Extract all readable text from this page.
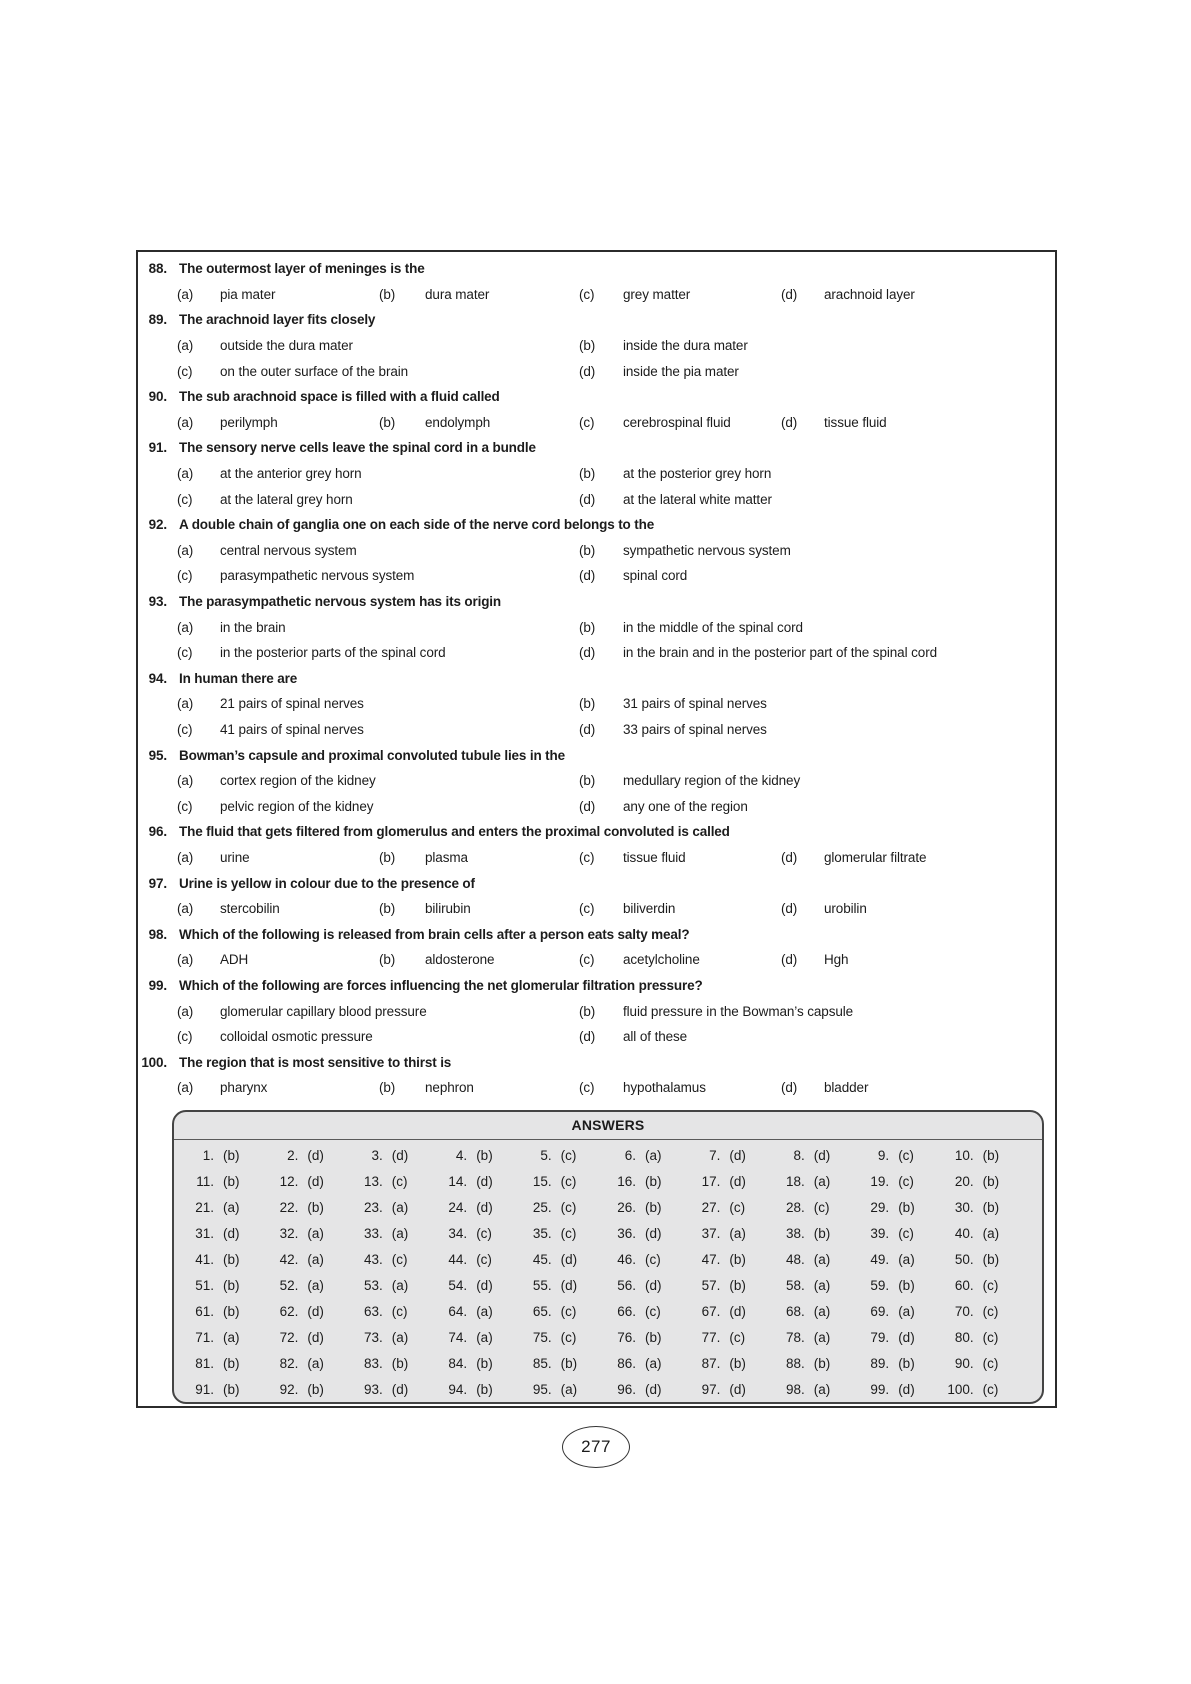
88. The outermost layer of meninges is the
(a)	pia mater	(b)	dura mater	(c)	grey matter	(d)	arachnoid layer
89. The arachnoid layer fits closely
(a)	outside the dura mater	(b)	inside the dura mater
(c)	on the outer surface of the brain	(d)	inside the pia mater
90. The sub arachnoid space is filled with a fluid called
(a)	perilymph	(b)	endolymph	(c)	cerebrospinal fluid	(d)	tissue fluid
91. The sensory nerve cells leave the spinal cord in a bundle
(a)	at the anterior grey horn	(b)	at the posterior grey horn
(c)	at the lateral grey horn	(d)	at the lateral white matter
92. A double chain of ganglia one on each side of the nerve cord belongs to the
(a)	central nervous system	(b)	sympathetic nervous system
(c)	parasympathetic nervous system	(d)	spinal cord
93. The parasympathetic nervous system has its origin
(a)	in the brain	(b)	in the middle of the spinal cord
(c)	in the posterior parts of the spinal cord	(d)	in the brain and in the posterior part of the spinal cord
94. In human there are
(a)	21 pairs of spinal nerves	(b)	31 pairs of spinal nerves
(c)	41 pairs of spinal nerves	(d)	33 pairs of spinal nerves
95. Bowman’s capsule and proximal convoluted tubule lies in the
(a)	cortex region of the kidney	(b)	medullary region of the kidney
(c)	pelvic region of the kidney	(d)	any one of the region
96. The fluid that gets filtered from glomerulus and enters the proximal convoluted is called
(a)	urine	(b)	plasma	(c)	tissue fluid	(d)	glomerular filtrate
97. Urine is yellow in colour due to the presence of
(a)	stercobilin	(b)	bilirubin	(c)	biliverdin	(d)	urobilin
98. Which of the following is released from brain cells after a person eats salty meal?
(a)	ADH	(b)	aldosterone	(c)	acetylcholine	(d)	Hgh
99. Which of the following are forces influencing the net glomerular filtration pressure?
(a)	glomerular capillary blood pressure	(b)	fluid pressure in the Bowman’s capsule
(c)	colloidal osmotic pressure	(d)	all of these
100. The region that is most sensitive to thirst is
(a)	pharynx	(b)	nephron	(c)	hypothalamus	(d)	bladder
ANSWERS
1. (b)	2. (d)	3. (d)	4. (b)	5. (c)	6. (a)	7. (d)	8. (d)	9. (c)	10. (b)
11. (b)	12. (d)	13. (c)	14. (d)	15. (c)	16. (b)	17. (d)	18. (a)	19. (c)	20. (b)
21. (a)	22. (b)	23. (a)	24. (d)	25. (c)	26. (b)	27. (c)	28. (c)	29. (b)	30. (b)
31. (d)	32. (a)	33. (a)	34. (c)	35. (c)	36. (d)	37. (a)	38. (b)	39. (c)	40. (a)
41. (b)	42. (a)	43. (c)	44. (c)	45. (d)	46. (c)	47. (b)	48. (a)	49. (a)	50. (b)
51. (b)	52. (a)	53. (a)	54. (d)	55. (d)	56. (d)	57. (b)	58. (a)	59. (b)	60. (c)
61. (b)	62. (d)	63. (c)	64. (a)	65. (c)	66. (c)	67. (d)	68. (a)	69. (a)	70. (c)
71. (a)	72. (d)	73. (a)	74. (a)	75. (c)	76. (b)	77. (c)	78. (a)	79. (d)	80. (c)
81. (b)	82. (a)	83. (b)	84. (b)	85. (b)	86. (a)	87. (b)	88. (b)	89. (b)	90. (c)
91. (b)	92. (b)	93. (d)	94. (b)	95. (a)	96. (d)	97. (d)	98. (a)	99. (d) 100. (c)
277
